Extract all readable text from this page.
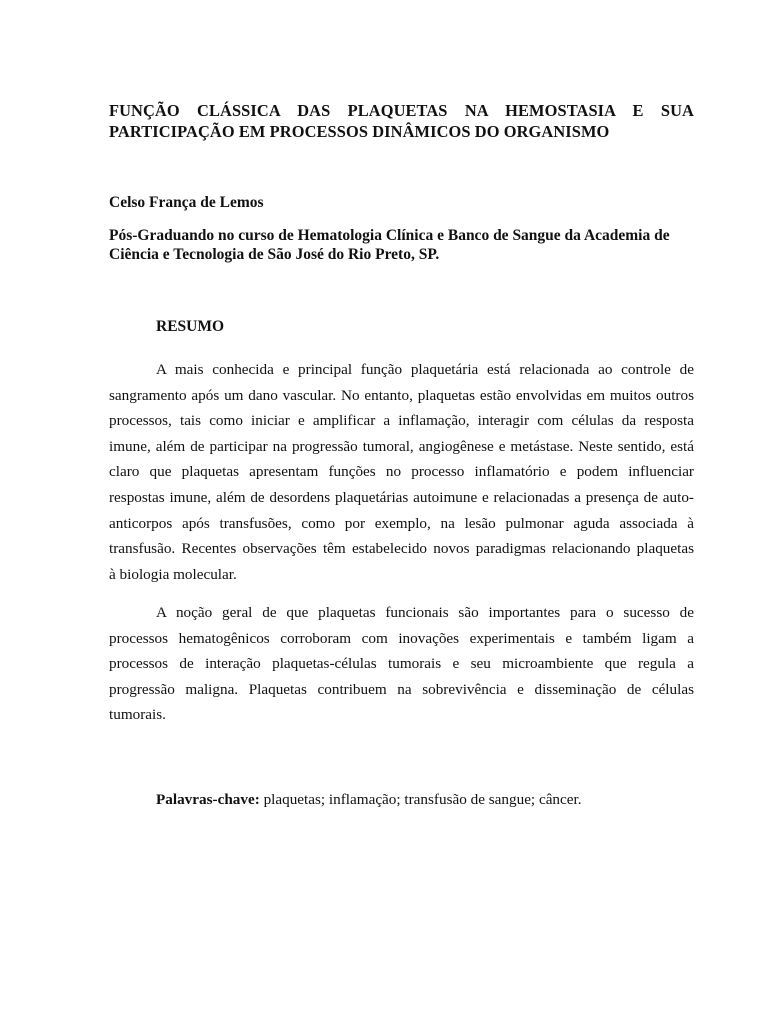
FUNÇÃO CLÁSSICA DAS PLAQUETAS NA HEMOSTASIA E SUA
PARTICIPAÇÃO EM PROCESSOS DINÂMICOS DO ORGANISMO

Celso França de Lemos

Pós-Graduando no curso de Hematologia Clínica e Banco de Sangue da Academia de
Ciência e Tecnologia de São José do Rio Preto, SP.

RESUMO

A mais conhecida e principal função plaquetária está relacionada ao controle de
sangramento após um dano vascular. No entanto, plaquetas estão envolvidas em muitos outros
processos, tais como iniciar e amplificar a inflamação, interagir com células da resposta
imune, além de participar na progressão tumoral, angiogênese e metástase. Neste sentido, está
claro que plaquetas apresentam funções no processo inflamatório e podem influenciar
respostas imune, além de desordens plaquetárias autoimune e relacionadas a presença de auto-
anticorpos após transfusões, como por exemplo, na lesão pulmonar aguda associada à
transfusão. Recentes observações têm estabelecido novos paradigmas relacionando plaquetas
à biologia molecular.

A noção geral de que plaquetas funcionais são importantes para o sucesso de
processos hematogênicos corroboram com inovações experimentais e também ligam a
processos de interação plaquetas-células tumorais e seu microambiente que regula a
progressão maligna. Plaquetas contribuem na sobrevivência e disseminação de células
tumorais.

Palavras-chave: plaquetas; inflamação; transfusão de sangue; câncer.
